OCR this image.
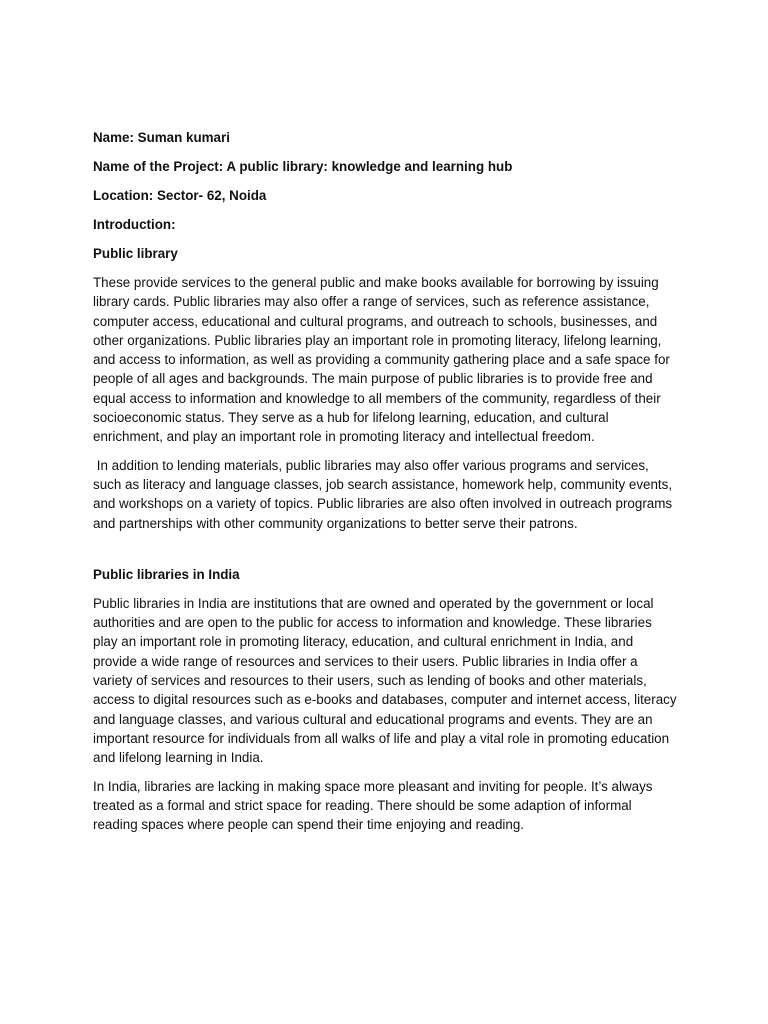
Name: Suman kumari

Name of the Project: A public library: knowledge and learning hub

Location: Sector- 62, Noida

Introduction:

Public library

These provide services to the general public and make books available for borrowing by issuing library cards. Public libraries may also offer a range of services, such as reference assistance, computer access, educational and cultural programs, and outreach to schools, businesses, and other organizations. Public libraries play an important role in promoting literacy, lifelong learning, and access to information, as well as providing a community gathering place and a safe space for people of all ages and backgrounds. The main purpose of public libraries is to provide free and equal access to information and knowledge to all members of the community, regardless of their socioeconomic status. They serve as a hub for lifelong learning, education, and cultural enrichment, and play an important role in promoting literacy and intellectual freedom.

In addition to lending materials, public libraries may also offer various programs and services, such as literacy and language classes, job search assistance, homework help, community events, and workshops on a variety of topics. Public libraries are also often involved in outreach programs and partnerships with other community organizations to better serve their patrons.

Public libraries in India

Public libraries in India are institutions that are owned and operated by the government or local authorities and are open to the public for access to information and knowledge. These libraries play an important role in promoting literacy, education, and cultural enrichment in India, and provide a wide range of resources and services to their users. Public libraries in India offer a variety of services and resources to their users, such as lending of books and other materials, access to digital resources such as e-books and databases, computer and internet access, literacy and language classes, and various cultural and educational programs and events. They are an important resource for individuals from all walks of life and play a vital role in promoting education and lifelong learning in India.

In India, libraries are lacking in making space more pleasant and inviting for people. It’s always treated as a formal and strict space for reading. There should be some adaption of informal reading spaces where people can spend their time enjoying and reading.
